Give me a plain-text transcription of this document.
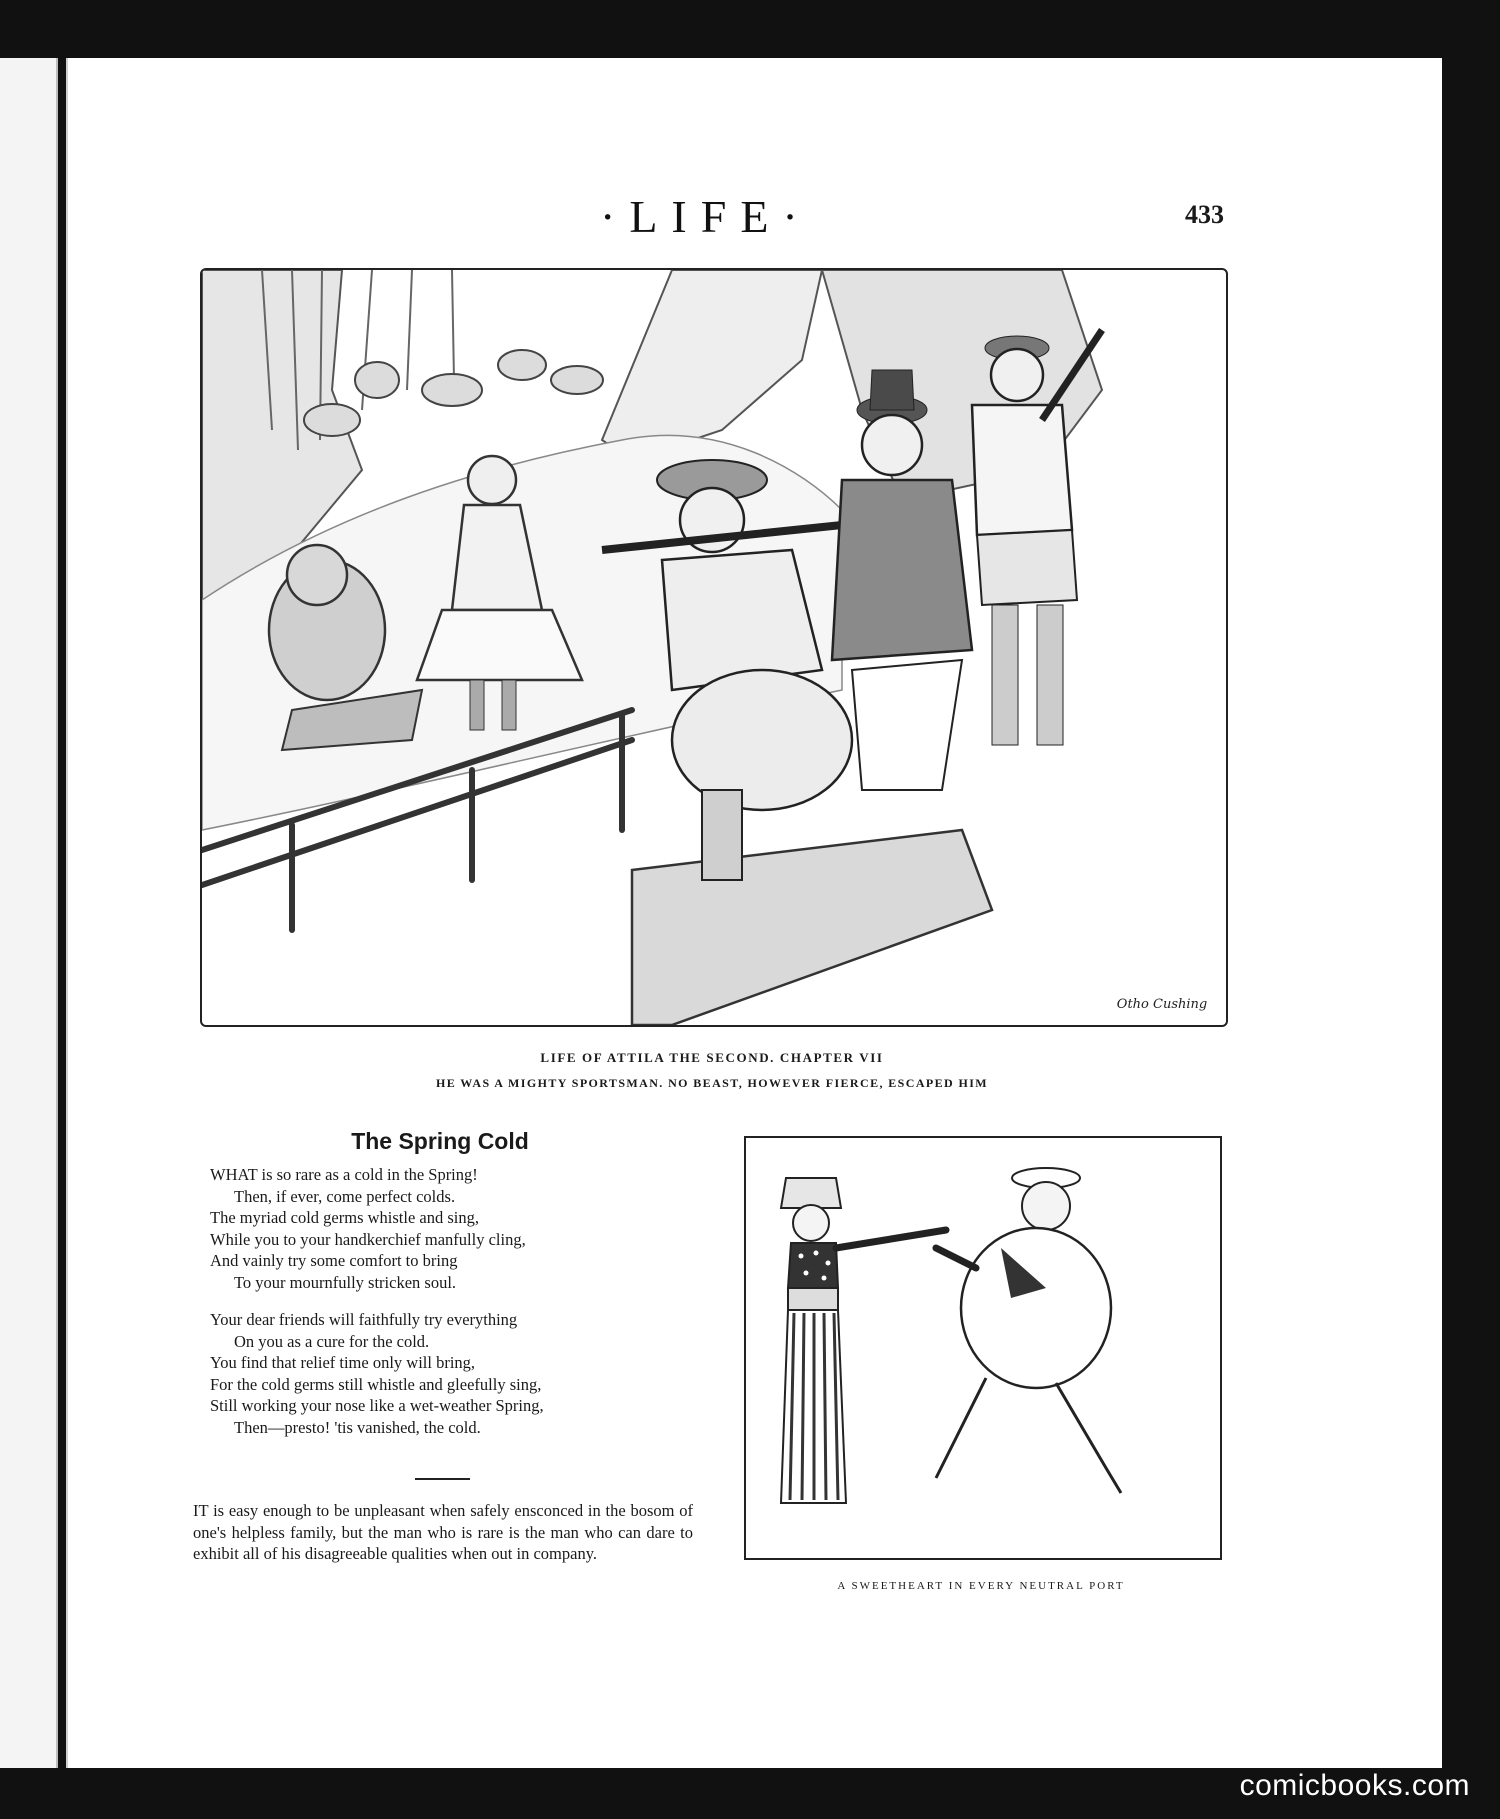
·LIFE·	433
Otho Cushing
LIFE OF ATTILA THE SECOND. CHAPTER VII
HE WAS A MIGHTY SPORTSMAN. NO BEAST, HOWEVER FIERCE, ESCAPED HIM
The Spring Cold
WHAT is so rare as a cold in the Spring!
Then, if ever, come perfect colds.
The myriad cold germs whistle and sing,
While you to your handkerchief manfully cling,
And vainly try some comfort to bring
To your mournfully stricken soul.
Your dear friends will faithfully try everything
On you as a cure for the cold.
You find that relief time only will bring,
For the cold germs still whistle and gleefully sing,
Still working your nose like a wet-weather Spring,
Then—presto! 'tis vanished, the cold.
IT is easy enough to be unpleasant when safely ensconced in the bosom of one's helpless family, but the man who is rare is the man who can dare to exhibit all of his disagreeable qualities when out in company.
A SWEETHEART IN EVERY NEUTRAL PORT
comicbooks.com
